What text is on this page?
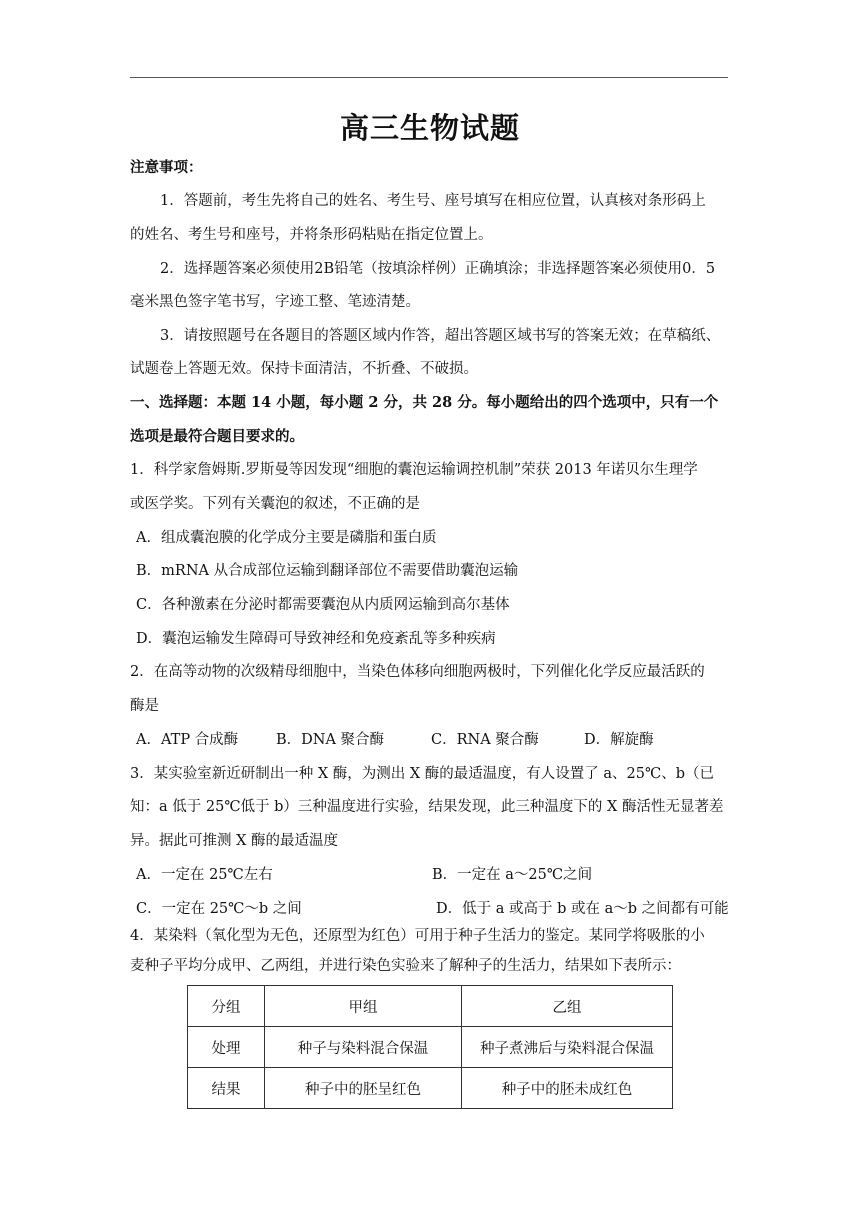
高三生物试题
注意事项：
1．答题前，考生先将自己的姓名、考生号、座号填写在相应位置，认真核对条形码上
的姓名、考生号和座号，并将条形码粘贴在指定位置上。
2．选择题答案必须使用2B铅笔（按填涂样例）正确填涂；非选择题答案必须使用0．5
毫米黑色签字笔书写，字迹工整、笔迹清楚。
3．请按照题号在各题目的答题区域内作答，超出答题区域书写的答案无效；在草稿纸、
试题卷上答题无效。保持卡面清洁，不折叠、不破损。
一、选择题：本题 14 小题，每小题 2 分，共 28 分。每小题给出的四个选项中，只有一个
选项是最符合题目要求的。
1．科学家詹姆斯.罗斯曼等因发现“细胞的囊泡运输调控机制”荣获 2013 年诺贝尔生理学
或医学奖。下列有关囊泡的叙述，不正确的是
A．组成囊泡膜的化学成分主要是磷脂和蛋白质
B．mRNA 从合成部位运输到翻译部位不需要借助囊泡运输
C．各种激素在分泌时都需要囊泡从内质网运输到高尔基体
D．囊泡运输发生障碍可导致神经和免疫紊乱等多种疾病
2．在高等动物的次级精母细胞中，当染色体移向细胞两极时，下列催化化学反应最活跃的
酶是
A．ATP 合成酶	B．DNA 聚合酶	C．RNA 聚合酶	D．解旋酶
3．某实验室新近研制出一种 X 酶，为测出 X 酶的最适温度，有人设置了 a、25℃、b（已
知：a 低于 25℃低于 b）三种温度进行实验，结果发现，此三种温度下的 X 酶活性无显著差
异。据此可推测 X 酶的最适温度
A．一定在 25℃左右	B．一定在 a～25℃之间
C．一定在 25℃～b 之间	D．低于 a 或高于 b 或在 a～b 之间都有可能
4．某染料（氧化型为无色，还原型为红色）可用于种子生活力的鉴定。某同学将吸胀的小
麦种子平均分成甲、乙两组，并进行染色实验来了解种子的生活力，结果如下表所示：
分组	甲组	乙组
处理	种子与染料混合保温	种子煮沸后与染料混合保温
结果	种子中的胚呈红色	种子中的胚未成红色
